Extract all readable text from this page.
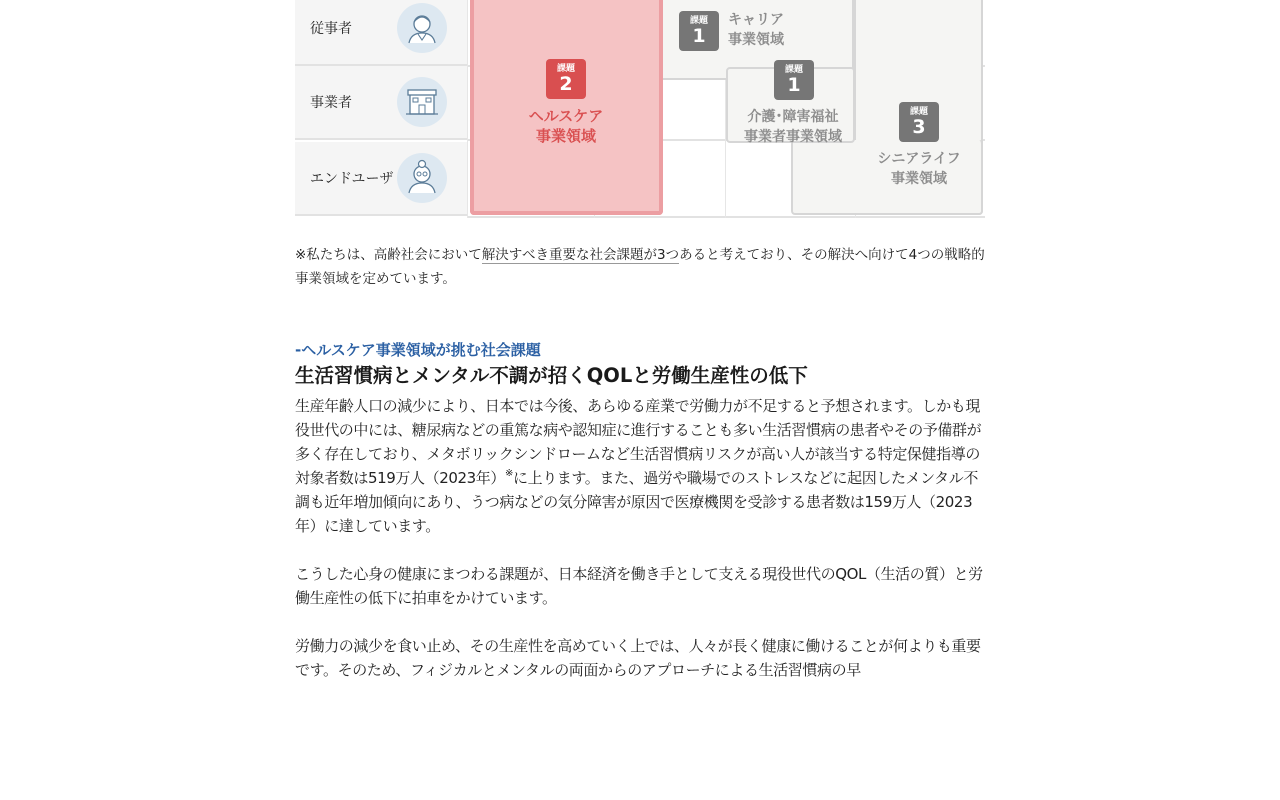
従事者
事業者
エンドユーザ
課題
2
ヘルスケア
事業領域
課題
1
キャリア
事業領域
課題
1
介護･障害福祉
事業者事業領域
課題
3
シニアライフ
事業領域

※私たちは、高齢社会において解決すべき重要な社会課題が3つあると考えており、その解決へ向けて4つの戦略的事業領域を定めています。

-ヘルスケア事業領域が挑む社会課題
生活習慣病とメンタル不調が招くQOLと労働生産性の低下

生産年齢人口の減少により、日本では今後、あらゆる産業で労働力が不足すると予想されます。しかも現役世代の中には、糖尿病などの重篤な病や認知症に進行することも多い生活習慣病の患者やその予備群が多く存在しており、メタボリックシンドロームなど生活習慣病リスクが高い人が該当する特定保健指導の対象者数は519万人（2023年）※に上ります。また、過労や職場でのストレスなどに起因したメンタル不調も近年増加傾向にあり、うつ病などの気分障害が原因で医療機関を受診する患者数は159万人（2023年）に達しています。

こうした心身の健康にまつわる課題が、日本経済を働き手として支える現役世代のQOL（生活の質）と労働生産性の低下に拍車をかけています。

労働力の減少を食い止め、その生産性を高めていく上では、人々が長く健康に働けることが何よりも重要です。そのため、フィジカルとメンタルの両面からのアプローチによる生活習慣病の早
